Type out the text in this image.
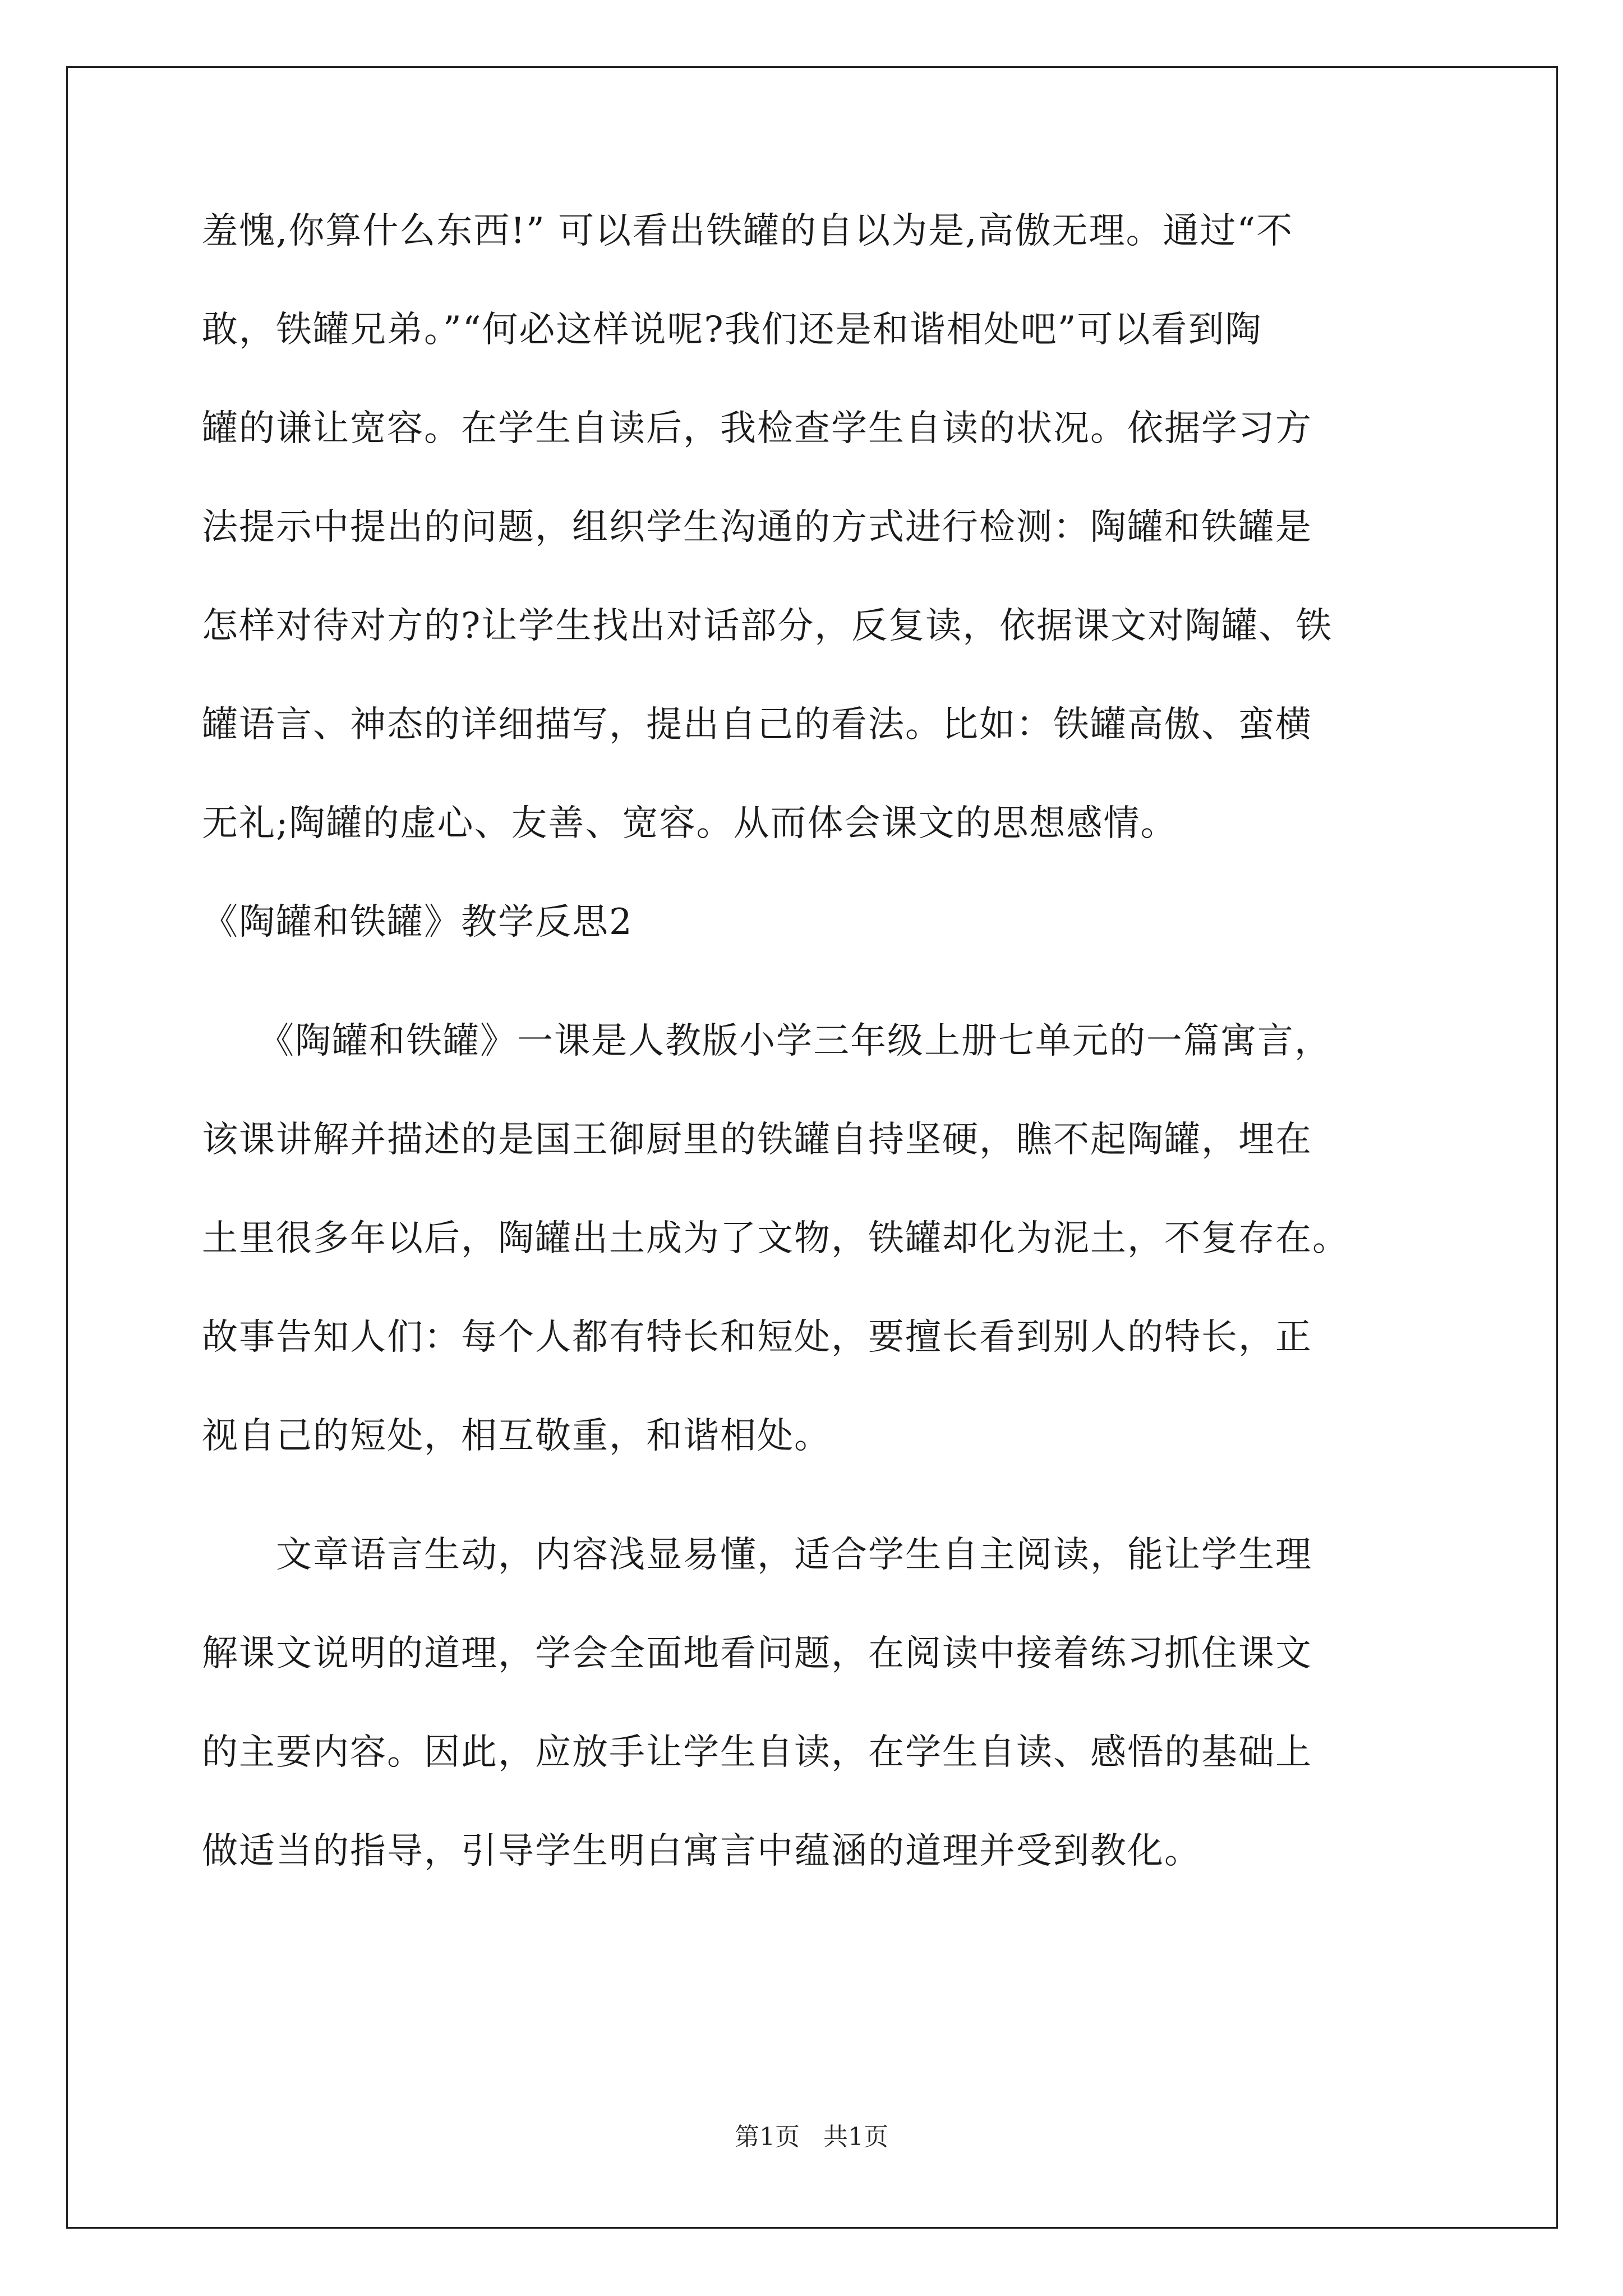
羞愧,你算什么东西!” 可以看出铁罐的自以为是,高傲无理。通过“不

敢，铁罐兄弟。”“何必这样说呢?我们还是和谐相处吧”可以看到陶

罐的谦让宽容。在学生自读后，我检查学生自读的状况。依据学习方

法提示中提出的问题，组织学生沟通的方式进行检测：陶罐和铁罐是

怎样对待对方的?让学生找出对话部分，反复读，依据课文对陶罐、铁

罐语言、神态的详细描写，提出自己的看法。比如：铁罐高傲、蛮横

无礼;陶罐的虚心、友善、宽容。从而体会课文的思想感情。

《陶罐和铁罐》教学反思2

　　《陶罐和铁罐》一课是人教版小学三年级上册七单元的一篇寓言，

该课讲解并描述的是国王御厨里的铁罐自持坚硬，瞧不起陶罐，埋在

土里很多年以后，陶罐出土成为了文物，铁罐却化为泥土，不复存在。

故事告知人们：每个人都有特长和短处，要擅长看到别人的特长，正

视自己的短处，相互敬重，和谐相处。

　　文章语言生动，内容浅显易懂，适合学生自主阅读，能让学生理

解课文说明的道理，学会全面地看问题，在阅读中接着练习抓住课文

的主要内容。因此，应放手让学生自读，在学生自读、感悟的基础上

做适当的指导，引导学生明白寓言中蕴涵的道理并受到教化。

第1页 共1页
